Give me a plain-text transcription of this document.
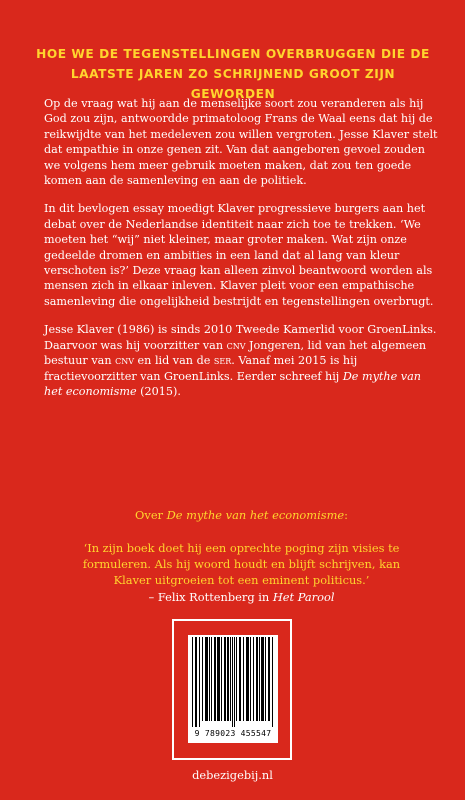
HOE WE DE TEGENSTELLINGEN OVERBRUGGEN DIE DE
LAATSTE JAREN ZO SCHRIJNEND GROOT ZIJN GEWORDEN

Op de vraag wat hij aan de menselijke soort zou veranderen als hij God zou zijn, antwoordde primatoloog Frans de Waal eens dat hij de reikwijdte van het medeleven zou willen vergroten. Jesse Klaver stelt dat empathie in onze genen zit. Van dat aangeboren gevoel zouden we volgens hem meer gebruik moeten maken, dat zou ten goede komen aan de samenleving en aan de politiek.

In dit bevlogen essay moedigt Klaver progressieve burgers aan het debat over de Nederlandse identiteit naar zich toe te trekken. ‘We moeten het “wij” niet kleiner, maar groter maken. Wat zijn onze gedeelde dromen en ambities in een land dat al lang van kleur verschoten is?’ Deze vraag kan alleen zinvol beantwoord worden als mensen zich in elkaar inleven. Klaver pleit voor een empathische samenleving die ongelijkheid bestrijdt en tegenstellingen overbrugt.

Jesse Klaver (1986) is sinds 2010 Tweede Kamerlid voor GroenLinks. Daarvoor was hij voorzitter van cnv Jongeren, lid van het algemeen bestuur van cnv en lid van de ser. Vanaf mei 2015 is hij fractievoorzitter van GroenLinks. Eerder schreef hij De mythe van het economisme (2015).

Over De mythe van het economisme:
‘In zijn boek doet hij een oprechte poging zijn visies te
formuleren. Als hij woord houdt en blijft schrijven, kan
Klaver uitgroeien tot een eminent politicus.’
– Felix Rottenberg in Het Parool
9 789023 455547
debezigebij.nl
